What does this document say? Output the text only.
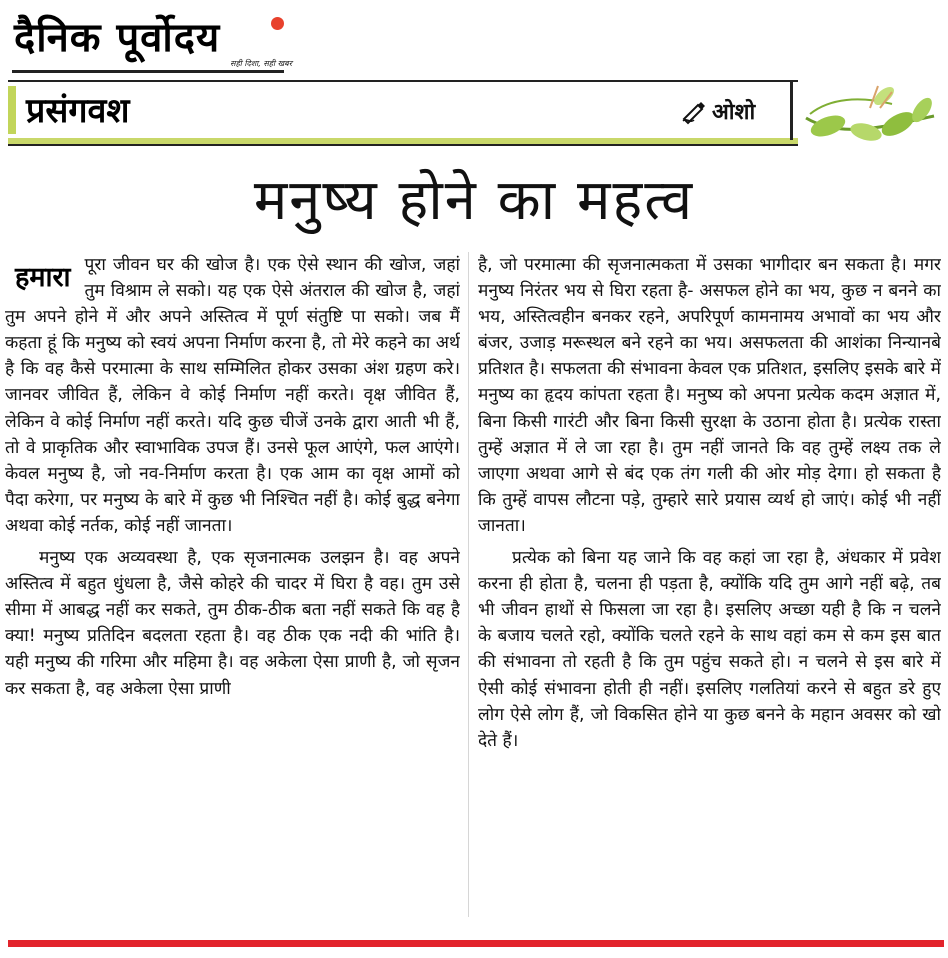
दैनिक पूर्वोदय
सही दिशा, सही खबर
प्रसंगवश	ओशो
मनुष्य होने का महत्व
हमारा पूरा जीवन घर की खोज है। एक ऐसे स्थान की खोज, जहां तुम विश्राम ले सको। यह एक ऐसे अंतराल की खोज है, जहां तुम अपने होने में और अपने अस्तित्व में पूर्ण संतुष्टि पा सको। जब मैं कहता हूं कि मनुष्य को स्वयं अपना निर्माण करना है, तो मेरे कहने का अर्थ है कि वह कैसे परमात्मा के साथ सम्मिलित होकर उसका अंश ग्रहण करे। जानवर जीवित हैं, लेकिन वे कोई निर्माण नहीं करते। वृक्ष जीवित हैं, लेकिन वे कोई निर्माण नहीं करते। यदि कुछ चीजें उनके द्वारा आती भी हैं, तो वे प्राकृतिक और स्वाभाविक उपज हैं। उनसे फूल आएंगे, फल आएंगे। केवल मनुष्य है, जो नव-निर्माण करता है। एक आम का वृक्ष आमों को पैदा करेगा, पर मनुष्य के बारे में कुछ भी निश्चित नहीं है। कोई बुद्ध बनेगा अथवा कोई नर्तक, कोई नहीं जानता।

मनुष्य एक अव्यवस्था है, एक सृजनात्मक उलझन है। वह अपने अस्तित्व में बहुत धुंधला है, जैसे कोहरे की चादर में घिरा है वह। तुम उसे सीमा में आबद्ध नहीं कर सकते, तुम ठीक-ठीक बता नहीं सकते कि वह है क्या! मनुष्य प्रतिदिन बदलता रहता है। वह ठीक एक नदी की भांति है। यही मनुष्य की गरिमा और महिमा है। वह अकेला ऐसा प्राणी है, जो सृजन कर सकता है, वह अकेला ऐसा प्राणी

है, जो परमात्मा की सृजनात्मकता में उसका भागीदार बन सकता है। मगर मनुष्य निरंतर भय से घिरा रहता है- असफल होने का भय, कुछ न बनने का भय, अस्तित्वहीन बनकर रहने, अपरिपूर्ण कामनामय अभावों का भय और बंजर, उजाड़ मरूस्थल बने रहने का भय। असफलता की आशंका निन्यानबे प्रतिशत है। सफलता की संभावना केवल एक प्रतिशत, इसलिए इसके बारे में मनुष्य का हृदय कांपता रहता है। मनुष्य को अपना प्रत्येक कदम अज्ञात में, बिना किसी गारंटी और बिना किसी सुरक्षा के उठाना होता है। प्रत्येक रास्ता तुम्हें अज्ञात में ले जा रहा है। तुम नहीं जानते कि वह तुम्हें लक्ष्य तक ले जाएगा अथवा आगे से बंद एक तंग गली की ओर मोड़ देगा। हो सकता है कि तुम्हें वापस लौटना पड़े, तुम्हारे सारे प्रयास व्यर्थ हो जाएं। कोई भी नहीं जानता।

प्रत्येक को बिना यह जाने कि वह कहां जा रहा है, अंधकार में प्रवेश करना ही होता है, चलना ही पड़ता है, क्योंकि यदि तुम आगे नहीं बढ़े, तब भी जीवन हाथों से फिसला जा रहा है। इसलिए अच्छा यही है कि न चलने के बजाय चलते रहो, क्योंकि चलते रहने के साथ वहां कम से कम इस बात की संभावना तो रहती है कि तुम पहुंच सकते हो। न चलने से इस बारे में ऐसी कोई संभावना होती ही नहीं। इसलिए गलतियां करने से बहुत डरे हुए लोग ऐसे लोग हैं, जो विकसित होने या कुछ बनने के महान अवसर को खो देते हैं।
